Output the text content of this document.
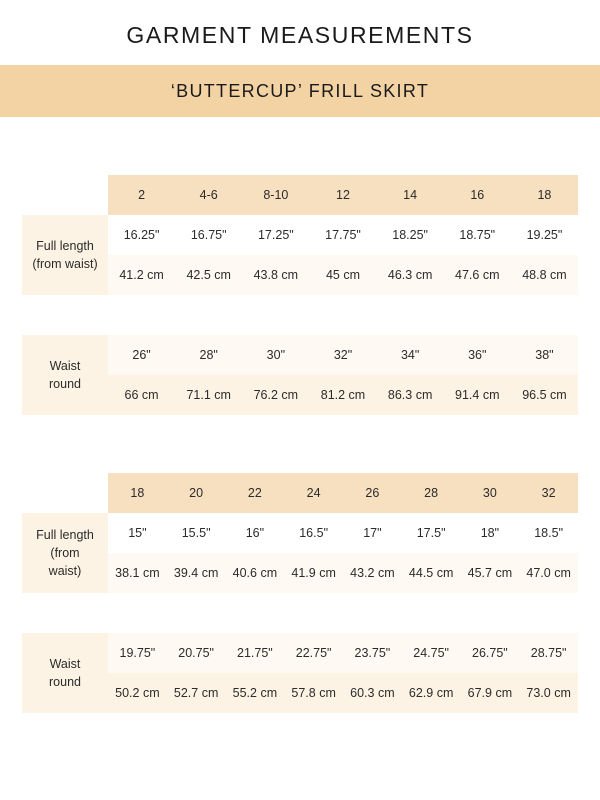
GARMENT MEASUREMENTS
‘BUTTERCUP’ FRILL SKIRT
	2	4-6	8-10	12	14	16	18

Full length
(from waist)	16.25"	16.75"	17.25"	17.75"	18.25"	18.75"	19.25"
	41.2 cm	42.5 cm	43.8 cm	45 cm	46.3 cm	47.6 cm	48.8 cm

Waist
round	26"	28"	30"	32"	34"	36"	38"
	66 cm	71.1 cm	76.2 cm	81.2 cm	86.3 cm	91.4 cm	96.5 cm
	18	20	22	24	26	28	30	32

Full length
(from
waist)	15"	15.5"	16"	16.5"	17"	17.5"	18"	18.5"
	38.1 cm	39.4 cm	40.6 cm	41.9 cm	43.2 cm	44.5 cm	45.7 cm	47.0 cm

Waist
round	19.75"	20.75"	21.75"	22.75"	23.75"	24.75"	26.75"	28.75"
	50.2 cm	52.7 cm	55.2 cm	57.8 cm	60.3 cm	62.9 cm	67.9 cm	73.0 cm
